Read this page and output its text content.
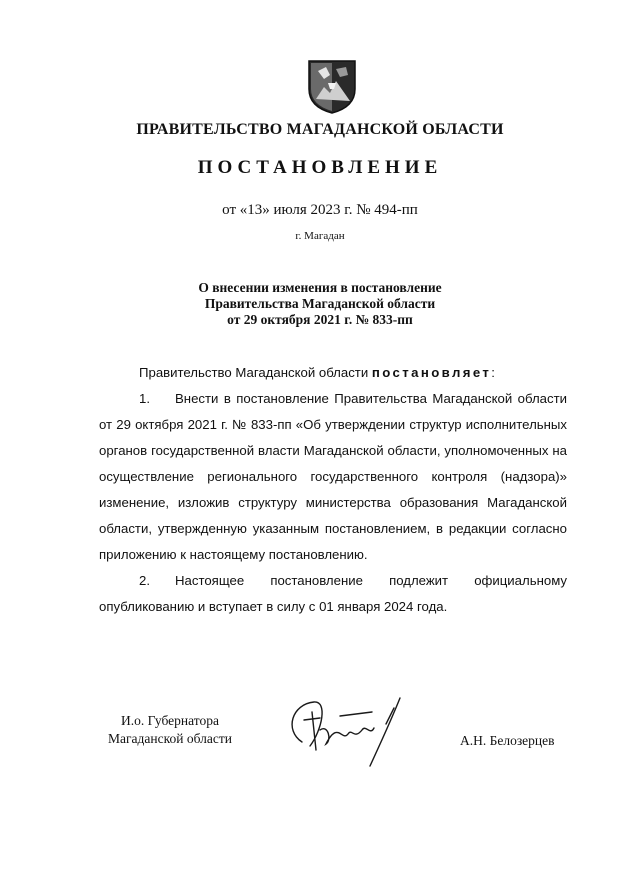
ПРАВИТЕЛЬСТВО МАГАДАНСКОЙ ОБЛАСТИ
ПОСТАНОВЛЕНИЕ
от «13» июля 2023 г. № 494-пп
г. Магадан
О внесении изменения в постановление
Правительства Магаданской области
от 29 октября 2021 г. № 833-пп

Правительство Магаданской области постановляет:

1. Внести в постановление Правительства Магаданской области от 29 октября 2021 г. № 833-пп «Об утверждении структур исполнительных органов государственной власти Магаданской области, уполномоченных на осуществление регионального государственного контроля (надзора)» изменение, изложив структуру министерства образования Магаданской области, утвержденную указанным постановлением, в редакции согласно приложению к настоящему постановлению.

2. Настоящее постановление подлежит официальному опубликованию и вступает в силу с 01 января 2024 года.

И.о. Губернатора
Магаданской области	А.Н. Белозерцев
